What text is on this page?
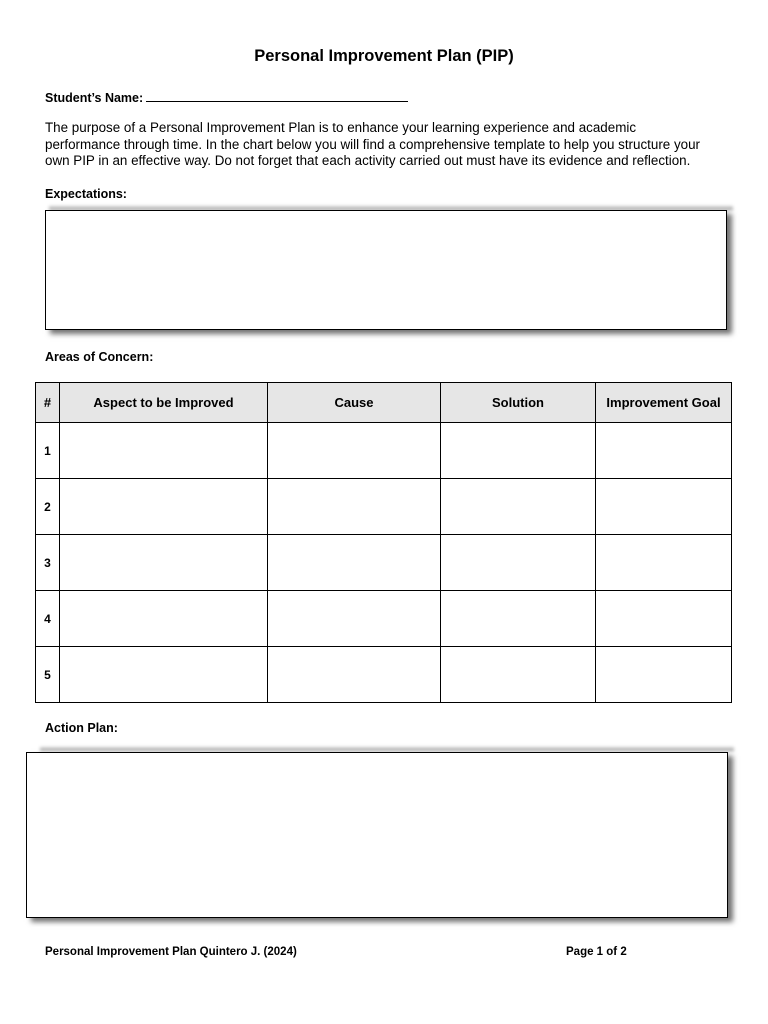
Personal Improvement Plan (PIP)
Student’s Name:
The purpose of a Personal Improvement Plan is to enhance your learning experience and academic
performance through time. In the chart below you will find a comprehensive template to help you structure your
own PIP in an effective way. Do not forget that each activity carried out must have its evidence and reflection.
Expectations:
Areas of Concern:
#	Aspect to be Improved	Cause	Solution	Improvement Goal
1				
2				
3				
4				
5				
Action Plan:
Personal Improvement Plan Quintero J. (2024)	Page 1 of 2
